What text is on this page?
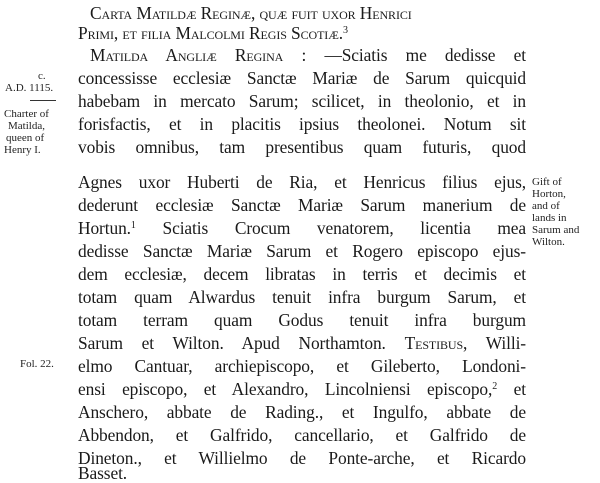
Carta Matildæ Reginæ, quæ fuit uxor Henrici
Primi, et filia Malcolmi Regis Scotiæ.$^3$
Matilda Angliæ Regina : —Sciatis me dedisse et
concessisse ecclesiæ Sanctæ Mariæ de Sarum quicquid
habebam in mercato Sarum; scilicet, in theolonio, et in
forisfactis, et in placitis ipsius theolonei. Notum sit
vobis omnibus, tam presentibus quam futuris, quod
Agnes uxor Huberti de Ria, et Henricus filius ejus,
dederunt ecclesiæ Sanctæ Mariæ Sarum manerium de
Hortun.$^1$ Sciatis Crocum venatorem, licentia mea
dedisse Sanctæ Mariæ Sarum et Rogero episcopo ejus-
dem ecclesiæ, decem libratas in terris et decimis et
totam quam Alwardus tenuit infra burgum Sarum, et
totam terram quam Godus tenuit infra burgum
Sarum et Wilton. Apud Northamton. Testibus, Willi-
elmo Cantuar, archiepiscopo, et Gileberto, Londoni-
ensi episcopo, et Alexandro, Lincolniensi episcopo,$^2$ et
Anschero, abbate de Rading., et Ingulfo, abbate de
Abbendon, et Galfrido, cancellario, et Galfrido de
Dineton., et Willielmo de Ponte-arche, et Ricardo
Basset.
c.
A.D. 1115.
Charter of
Matilda,
queen of
Henry I.
Fol. 22.
Gift of
Horton,
and of
lands in
Sarum and
Wilton.
